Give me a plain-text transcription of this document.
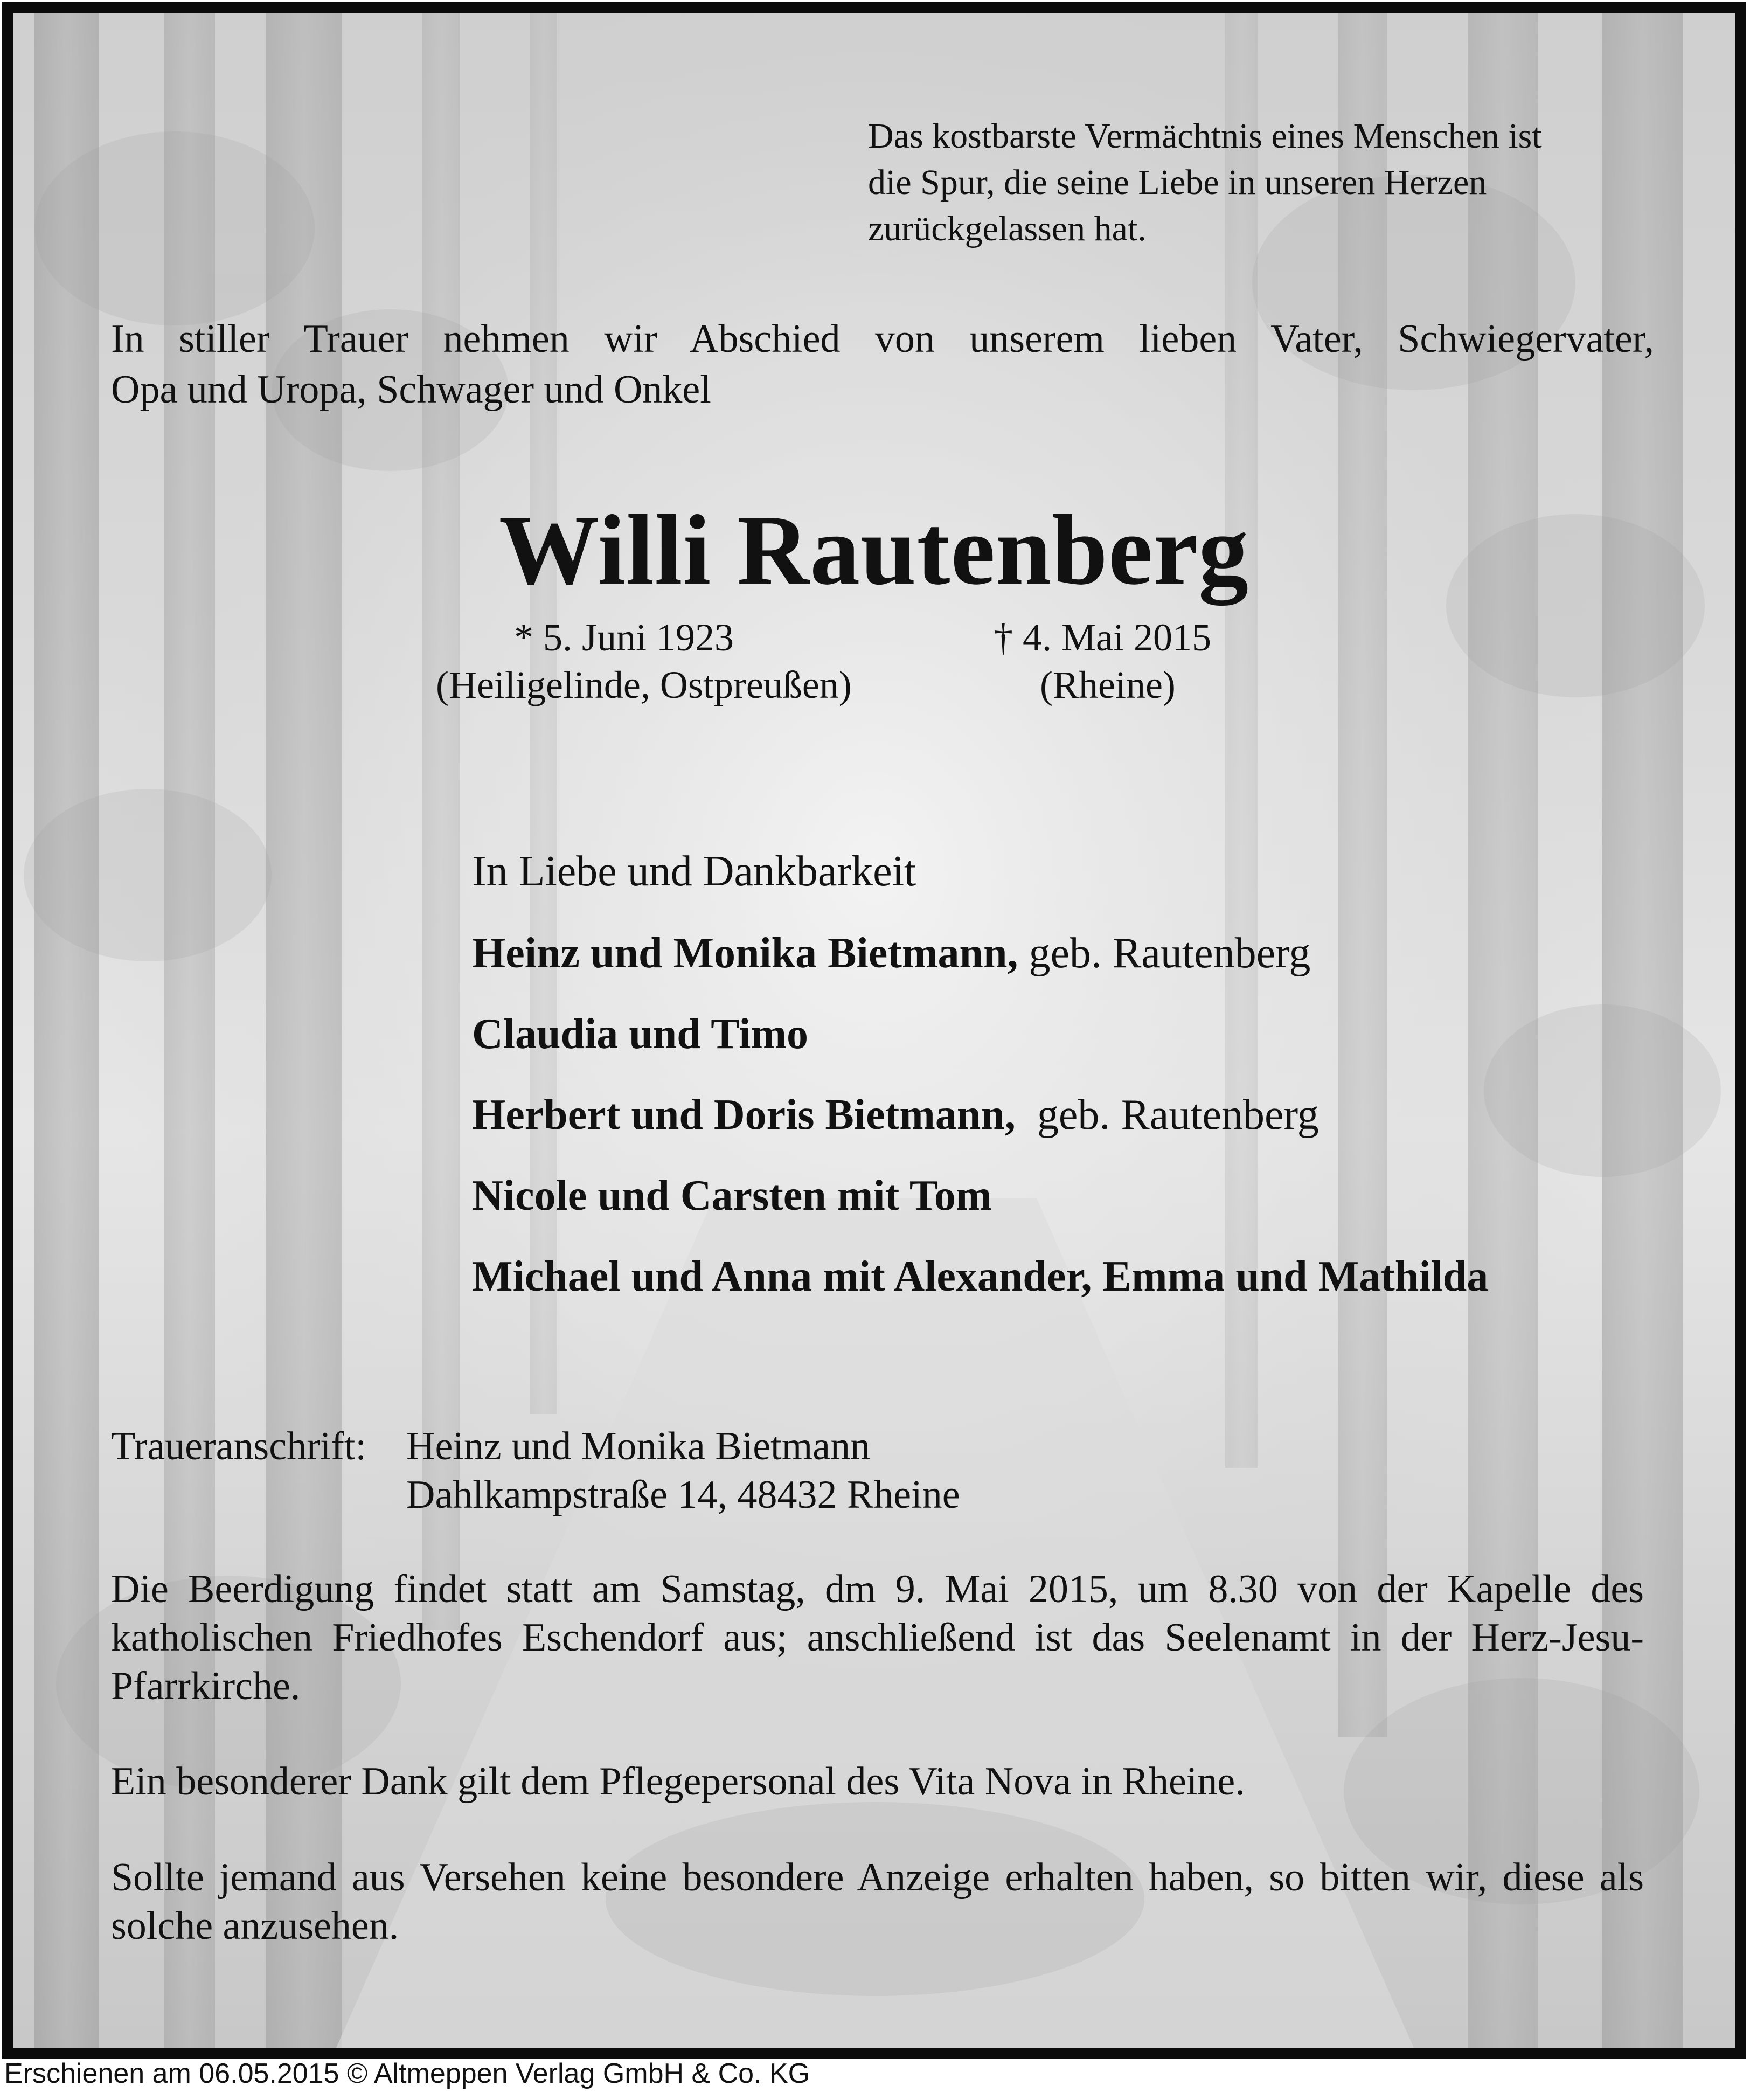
Das kostbarste Vermächtnis eines Menschen ist
die Spur, die seine Liebe in unseren Herzen
zurückgelassen hat.
In stiller Trauer nehmen wir Abschied von unserem lieben Vater, Schwiegervater,
Opa und Uropa, Schwager und Onkel
Willi Rautenberg
* 5. Juni 1923
(Heiligelinde, Ostpreußen)
† 4. Mai 2015
(Rheine)
In Liebe und Dankbarkeit
Heinz und Monika Bietmann, geb. Rautenberg
Claudia und Timo
Herbert und Doris Bietmann,  geb. Rautenberg
Nicole und Carsten mit Tom
Michael und Anna mit Alexander, Emma und Mathilda
Traueranschrift: Heinz und Monika Bietmann
Dahlkampstraße 14, 48432 Rheine
Die Beerdigung findet statt am Samstag, dm 9. Mai 2015, um 8.30 von der Kapelle des katholischen Friedhofes Eschendorf aus; anschließend ist das Seelenamt in der Herz-Jesu-Pfarrkirche.
Ein besonderer Dank gilt dem Pflegepersonal des Vita Nova in Rheine.
Sollte jemand aus Versehen keine besondere Anzeige erhalten haben, so bitten wir, diese als solche anzusehen.
Erschienen am 06.05.2015 © Altmeppen Verlag GmbH & Co. KG
